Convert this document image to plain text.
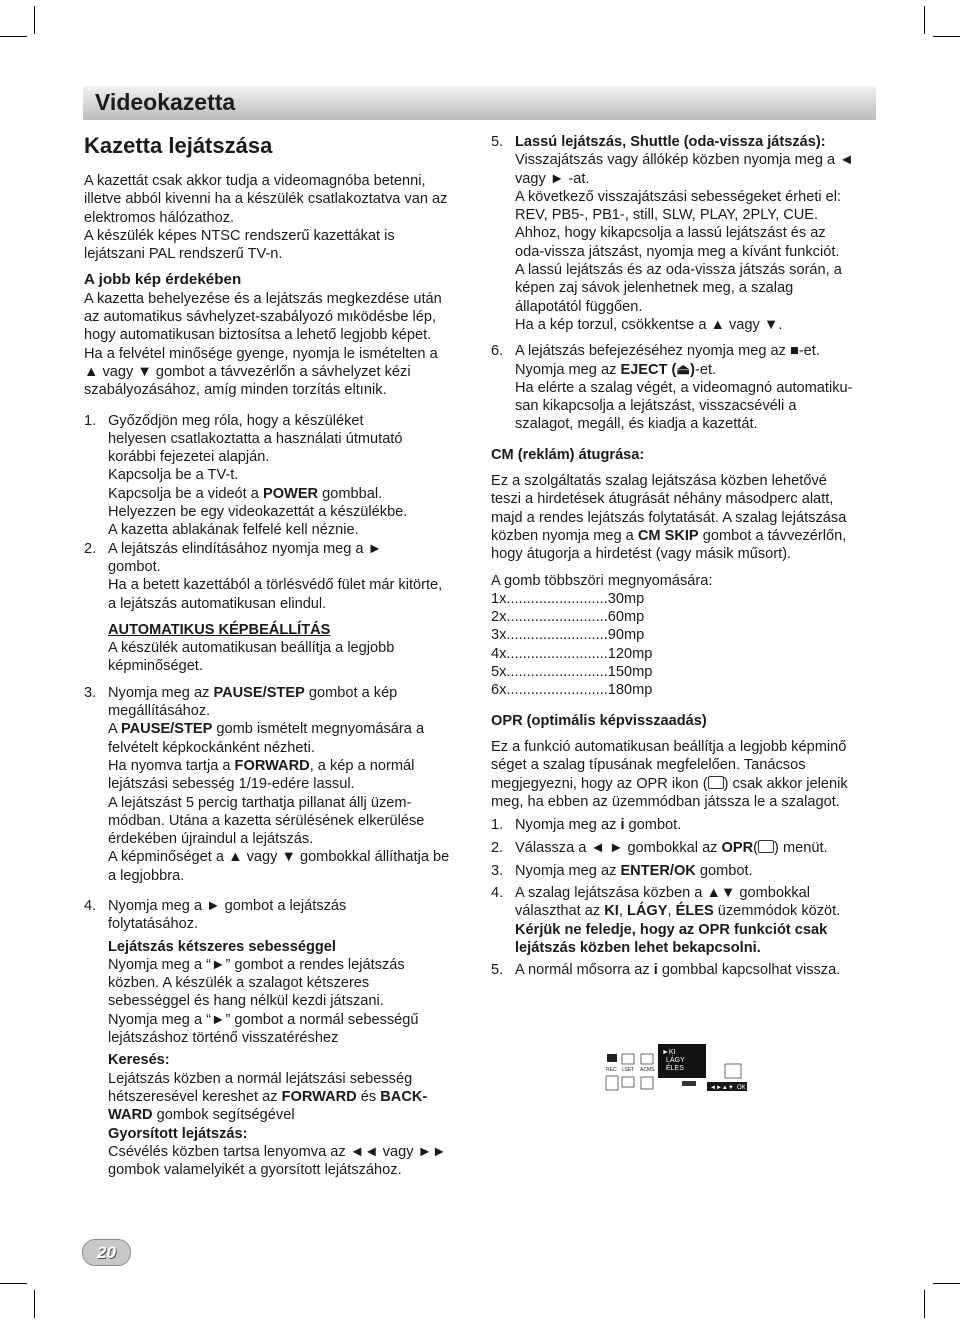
Videokazetta

Kazetta lejátszása

A kazettát csak akkor tudja a videomagnóba betenni,

illetve abból kivenni ha a készülék csatlakoztatva van az

elektromos hálózathoz.

A készülék képes NTSC rendszerű kazettákat is

lejátszani PAL rendszerű TV-n.

A jobb kép érdekében

A kazetta behelyezése és a lejátszás megkezdése után

az automatikus sávhelyzet-szabályozó mıködésbe lép,

hogy automatikusan biztosítsa a lehető legjobb képet.

Ha a felvétel minősége gyenge, nyomja le ismételten a

▲ vagy ▼ gombot a távvezérlőn a sávhelyzet kézi

szabályozásához, amíg minden torzítás eltınik.

1. Győződjön meg róla, hogy a készüléket

helyesen csatlakoztatta a használati útmutató

korábbi fejezetei alapján.

Kapcsolja be a TV-t.

Kapcsolja be a videót a POWER gombbal.

Helyezzen be egy videokazettát a készülékbe.

A kazetta ablakának felfelé kell néznie.

2. A lejátszás elindításához nyomja meg a ►

gombot.

Ha a betett kazettából a törlésvédő fület már kitörte,

a lejátszás automatikusan elindul.

AUTOMATIKUS KÉPBEÁLLÍTÁS

A készülék automatikusan beállítja a legjobb

képminőséget.

3. Nyomja meg az PAUSE/STEP gombot a kép

megállításához.

A PAUSE/STEP gomb ismételt megnyomására a

felvételt képkockánként nézheti.

Ha nyomva tartja a FORWARD, a kép a normál

lejátszási sebesség 1/19-edére lassul.

A lejátszást 5 percig tarthatja pillanat állj üzem-

módban. Utána a kazetta sérülésének elkerülése

érdekében újraindul a lejátszás.

A képminőséget a ▲ vagy ▼ gombokkal állíthatja be

a legjobbra.

4. Nyomja meg a ► gombot a lejátszás

folytatásához.

Lejátszás kétszeres sebességgel

Nyomja meg a “►” gombot a rendes lejátszás

közben. A készülék a szalagot kétszeres

sebességgel és hang nélkül kezdi játszani.

Nyomja meg a “►” gombot a normál sebességű

lejátszáshoz történő visszatéréshez

Keresés:

Lejátszás közben a normál lejátszási sebesség

hétszeresével kereshet az FORWARD és BACK-

WARD gombok segítségével

Gyorsított lejátszás:

Csévélés közben tartsa lenyomva az ◄◄ vagy ►►

gombok valamelyikét a gyorsított lejátszához.

5. Lassú lejátszás, Shuttle (oda-vissza játszás):

Visszajátszás vagy állókép közben nyomja meg a ◄

vagy ► -at.

A következő visszajátszási sebességeket érheti el:

REV, PB5-, PB1-, still, SLW, PLAY, 2PLY, CUE.

Ahhoz, hogy kikapcsolja a lassú lejátszást és az

oda-vissza játszást, nyomja meg a kívánt funkciót.

A lassú lejátszás és az oda-vissza játszás során, a

képen zaj sávok jelenhetnek meg, a szalag

állapotától függően.

Ha a kép torzul, csökkentse a ▲ vagy ▼.

6. A lejátszás befejezéséhez nyomja meg az ■-et.

Nyomja meg az EJECT (⏏)-et.

Ha elérte a szalag végét, a videomagnó automatiku-

san kikapcsolja a lejátszást, visszacsévéli a

szalagot, megáll, és kiadja a kazettát.

CM (reklám) átugrása:

Ez a szolgáltatás szalag lejátszása közben lehetővé

teszi a hirdetések átugrását néhány másodperc alatt,

majd a rendes lejátszás folytatását. A szalag lejátszása

közben nyomja meg a CM SKIP gombot a távvezérlőn,

hogy átugorja a hirdetést (vagy másik műsort).

A gomb többszöri megnyomására:

1x.........................30mp

2x.........................60mp

3x.........................90mp

4x.........................120mp

5x.........................150mp

6x.........................180mp

OPR (optimális képvisszaadás)

Ez a funkció automatikusan beállítja a legjobb képminő

séget a szalag típusának megfelelően. Tanácsos

megjegyezni, hogy az OPR ikon ( ) csak akkor jelenik

meg, ha ebben az üzemmódban játssza le a szalagot.

1. Nyomja meg az i gombot.

2. Válassza a ◄ ► gombokkal az OPR( ) menüt.

3. Nyomja meg az ENTER/OK gombot.

4. A szalag lejátszása közben a ▲▼ gombokkal

választhat az KI, LÁGY, ÉLES üzemmódok közöt.

Kérjük ne feledje, hogy az OPR funkciót csak

lejátszás közben lehet bekapcsolni.

5. A normál mősorra az i gombbal kapcsolhat vissza.

REC i.SET ACMS
►KI
LÁGY
ÉLES
◄►▲▼ OK
20
